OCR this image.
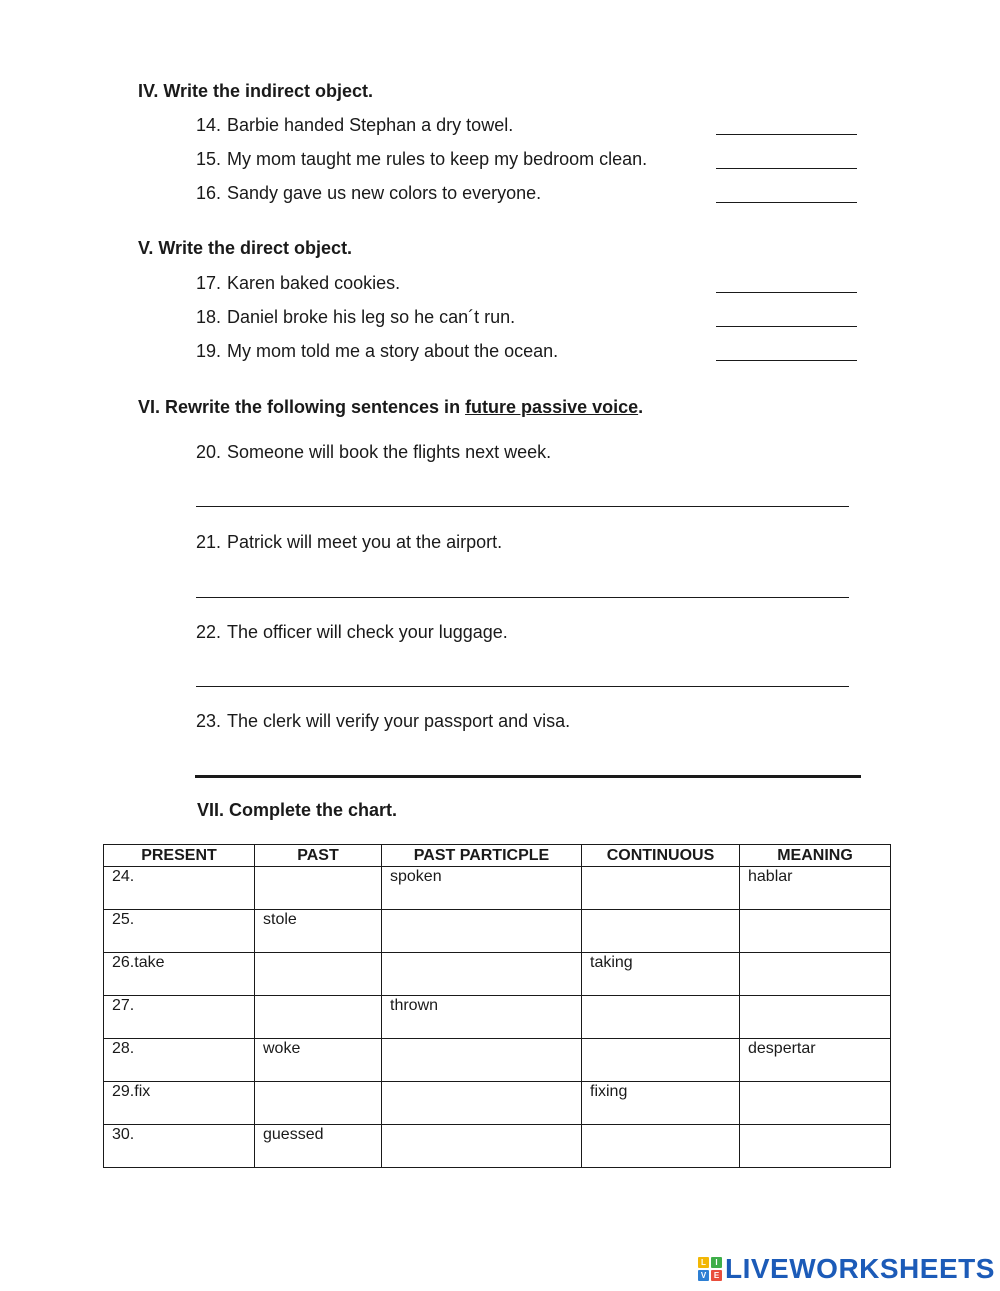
IV. Write the indirect object.
14. Barbie handed Stephan a dry towel.
15. My mom taught me rules to keep my bedroom clean.
16. Sandy gave us new colors to everyone.
V. Write the direct object.
17. Karen baked cookies.
18. Daniel broke his leg so he can´t run.
19. My mom told me a story about the ocean.
VI. Rewrite the following sentences in future passive voice.
20. Someone will book the flights next week.
21. Patrick will meet you at the airport.
22. The officer will check your luggage.
23. The clerk will verify your passport and visa.
VII. Complete the chart.
PRESENT	PAST	PAST PARTICPLE	CONTINUOUS	MEANING
24.		spoken		hablar
25.	stole			
26.take			taking	
27.		thrown		
28.	woke			despertar
29.fix			fixing	
30.	guessed			
L	I
V E LIVEWORKSHEETS
